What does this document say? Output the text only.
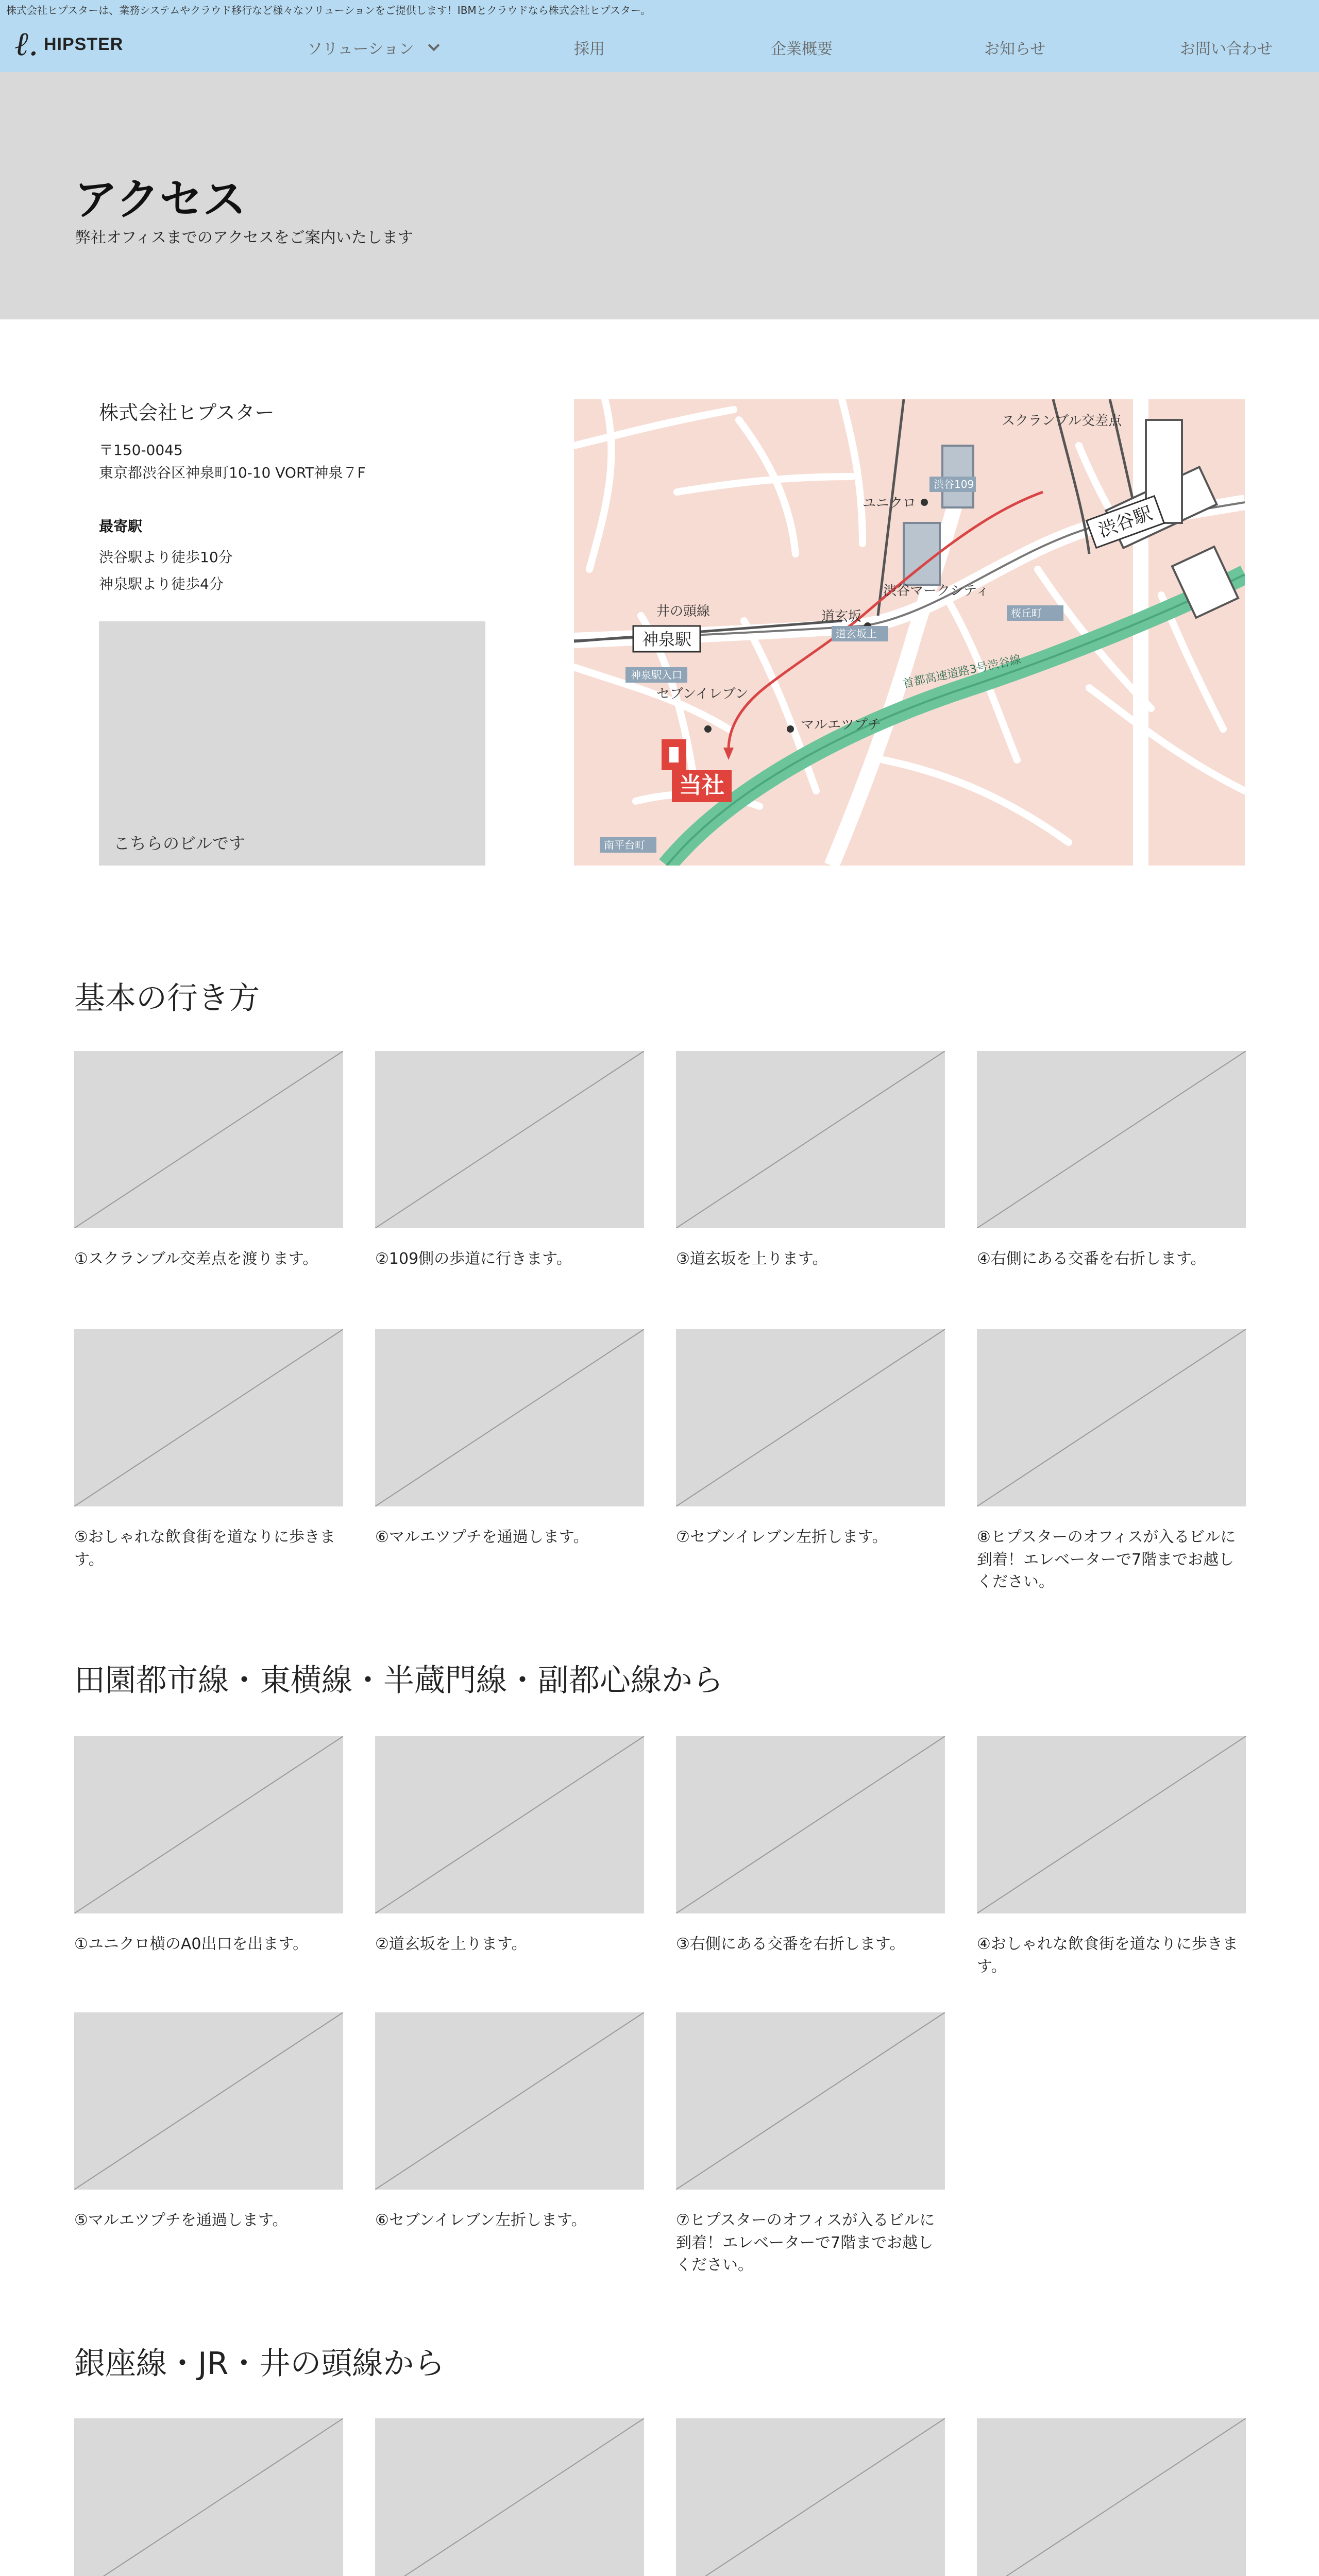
株式会社ヒプスターは、業務システムやクラウド移行など様々なソリューションをご提供します！IBMとクラウドなら株式会社ヒプスター。
ℓ. HIPSTER	ソリューション	採用	企業概要	お知らせ	お問い合わせ
アクセス

弊社オフィスまでのアクセスをご案内いたします

株式会社ヒプスター
〒150-0045
東京都渋谷区神泉町10-10 VORT神泉７F
最寄駅
渋谷駅より徒歩10分
神泉駅より徒歩4分
こちらのビルです
当社
神泉駅
渋谷駅
スクランブル交差点
ユニクロ
渋谷マークシティ
井の頭線
セブンイレブン
マルエツプチ
道玄坂
神泉駅入口
道玄坂上
渋谷109
桜丘町
南平台町
首都高速道路3号渋谷線
基本の行き方
①スクランブル交差点を渡ります。	②109側の歩道に行きます。	③道玄坂を上ります。	④右側にある交番を右折します。
⑤おしゃれな飲食街を道なりに歩きます。
⑥マルエツプチを通過します。	⑦セブンイレブン左折します。	⑧ヒプスターのオフィスが入るビルに到着！エレベーターで7階までお越しください。
田園都市線・東横線・半蔵門線・副都心線から
①ユニクロ横のA0出口を出ます。	②道玄坂を上ります。	③右側にある交番を右折します。	④おしゃれな飲食街を道なりに歩きます。
⑤マルエツプチを通過します。	⑥セブンイレブン左折します。	⑦ヒプスターのオフィスが入るビルに到着！エレベーターで7階までお越しください。
銀座線・JR・井の頭線から
